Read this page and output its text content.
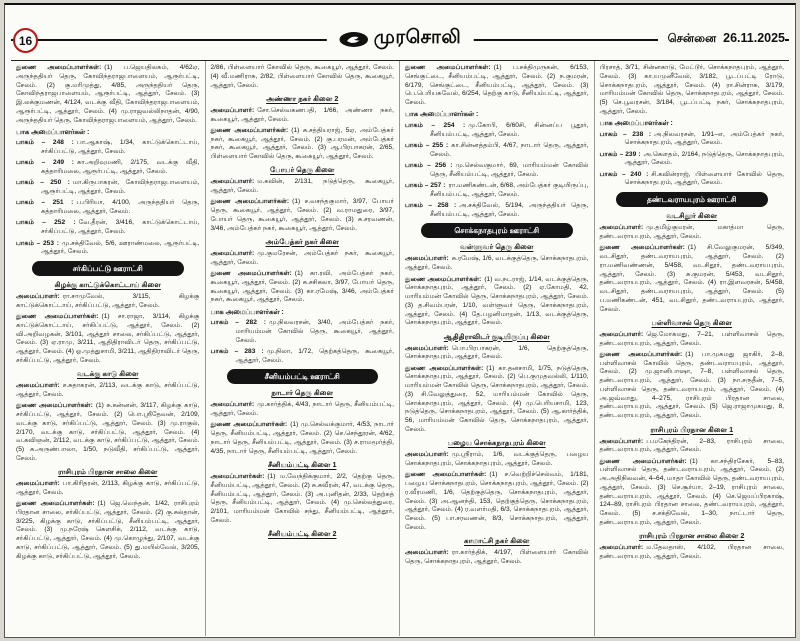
16	முரசொலி	சென்னை 26.11.2025
துணை அமைப்பாளர்கள்: (1) ப.ஜெயதிலகம், 4/62ஏ, அருந்ததியர் தெரு, கோவிந்தராஜபாளையம், ஆரூர்பட்டி, சேலம். (2) கு.மரிமுத்து, 4/85, அருந்ததியர் தெரு, கோவிந்தராஜபாளையம், ஆரூர்பட்டி, ஆத்தூர், சேலம். (3) இ.லக்குமணன், 4/124, வடக்கு வீதி, கோவிந்தராஜபாளையம், ஆரூர்பட்டி, ஆத்தூர், சேலம். (4) மு.ராஜவல்லிநாதன், 4/90, அருந்ததியர் தெரு, கோவிந்தராஜபாளையம், ஆத்தூர், சேலம்.
பாக அமைப்பாளர்கள் :
பாகம் – 248 : பா.ஆகாஷ், 1/34, காட்டுக்கொட்டாய், சர்கிப்பட்டு, ஆத்தூர், சேலம்.
பாகம் – 249 : கா.அறிவுமணி, 2/175, வடக்கு வீதி, கத்தாரிமலை, ஆரூர்பட்டி, ஆத்தூர், சேலம்.
பாகம் – 250 : மா.கிருபாகரன், கோவிந்தராஜபாளையம், ஆரூர்பட்டி, ஆத்தூர், சேலம்.
பாகம் – 251 : ப.பிரியா, 4/100, அருந்ததியர் தெரு, கத்தாரிமலை, ஆத்தூர், சேலம்.
பாகம் – 252 : வே.தீரன், 3/416, காட்டுக்கொட்டாய், சர்கிப்பட்டு, ஆத்தூர், சேலம்.
பாகம் – 253 : மு.சக்திவேல், 5/6, ஊராண்மலை, ஆரூர்பட்டி, ஆத்தூர், சேலம்.
சர்கிப்பட்டு ஊராட்சி
கிழக்கு காட்டுக்கொட்டாய் கிளை
அமைப்பாளர்: ரா.சாமுவேல், 3/115, கிழக்கு காட்டுக்கொட்டாய், சர்கிப்பட்டு, ஆத்தூர், சேலம்.
துணை அமைப்பாளர்கள்: (1) சா.ராஜா, 3/114, கிழக்கு காட்டுக்கொட்டாய், சர்கிப்பட்டு, ஆத்தூர், சேலம். (2) வி.அறிவழகன், 3/101, ஆத்தூர் சாலை, சர்கிப்பட்டு, ஆத்தூர், சேலம். (3) ஏ.ராமு, 3/211, ஆதிதிராவிடர் தெரு, சர்கிப்பட்டு, ஆத்தூர், சேலம். (4) ஓ.முத்துசாமி, 3/211, ஆதிதிராவிடர் தெரு, சர்கிப்பட்டு, ஆத்தூர், சேலம்.
வடக்கு காடு கிளை
அமைப்பாளர்: ச.சுதாகரன், 2/113, வடக்கு காடு, சர்கிப்பட்டு, ஆத்தூர், சேலம்.
துணை அமைப்பாளர்கள்: (1) சு.கன்னன், 3/117, கிழக்கு காடு, சர்கிப்பட்டு, ஆத்தூர், சேலம். (2) பொ.ஸ்ரீதேவன், 2/109, வடக்கு காடு, சர்கிப்பட்டு, ஆத்தூர், சேலம். (3) மு.ராகுல், 2/170, வடக்கு காடு, சர்கிப்பட்டு, ஆத்தூர், சேலம். (4) வ.கவிஞன், 2/112, வடக்கு காடு, சர்கிப்பட்டு, ஆத்தூர், சேலம். (5) சு.அருண்பாலா, 1/50, நடுவீதி, சர்கிப்பட்டு, ஆத்தூர், சேலம்.
ராசிபுரம் பிரதான சாலை கிளை
அமைப்பாளர்: பா.கிரிதரன், 2/113, கிழக்கு காடு, சர்கிப்பட்டு, ஆத்தூர், சேலம்.
துணை அமைப்பாளர்கள்: (1) ஜெ.வெந்தன், 1/42, ராசிபுரம் பிரதான சாலை, சர்கிப்பட்டு, ஆத்தூர், சேலம். (2) கு.சுல்தான், 3/225, கிழக்கு காடு, சர்கிப்பட்டு, சீனியம்பட்டி, ஆத்தூர், சேலம். (3) மு.நரேஷ் கௌசிக், 2/112, வடக்கு காடு, சர்கிப்பட்டு, ஆத்தூர், சேலம். (4) மு.கொழுந்து, 2/107, வடக்கு காடு, சர்கிப்பட்டு, ஆத்தூர், சேலம். (5) து.மயில்வேல், 3/205, கிழக்கு காடு, சர்கிப்பட்டு, ஆத்தூர், சேலம்.
2/86, பிள்ளையார் கோவில் தெரு, கூகையூர், ஆத்தூர், சேலம். (4) வீ.மணிராசு, 2/82, பிள்ளையார் கோவில் தெரு, கூகையூர், ஆத்தூர், சேலம்.
அண்ணா நகர் கிளை 2
அமைப்பாளர்: சோ.செல்வகணபதி, 1/66, அண்ணா நகர், கூகையூர், ஆத்தூர், சேலம்.
துணை அமைப்பாளர்கள்: (1) சு.சத்தியராஜ், 5ஏ, அம்பேத்கர் நகர், கூகையூர், ஆத்தூர், சேலம். (2) கு.பரமன், அம்பேத்கர் நகர், கூகையூர், ஆத்தூர், சேலம். (3) ஆ.பிரபாகரன், 2/65, பிள்ளையார் கோவில் தெரு, கூகையூர், ஆத்தூர், சேலம்.
போயர் தெரு கிளை
அமைப்பாளர்: ம.கவின், 2/131, நடுத்தெரு, கூகையூர், ஆத்தூர், சேலம்.
துணை அமைப்பாளர்கள்: (1) ச.வசந்தகுமார், 3/97, போயர் தெரு, கூகையூர், ஆத்தூர், சேலம். (2) வ.ராமதுரை, 3/97, போயர் தெரு, கூகையூர், ஆத்தூர், சேலம். (3) சு.சரவணன், 3/46, அம்பேத்கர் நகர், கூகையூர், ஆத்தூர், சேலம்.
அம்பேத்கர் நகர் கிளை
அமைப்பாளர்: மு.குமரேசன், அம்பேத்கர் நகர், கூகையூர், ஆத்தூர், சேலம்.
துணை அமைப்பாளர்கள்: (1) கா.ரவி, அம்பேத்கர் நகர், கூகையூர், ஆத்தூர், சேலம். (2) சு.சசிகலா, 3/97, போயர் தெரு, கூகையூர், ஆத்தூர், சேலம். (3) கா.ரமேஷ், 3/46, அம்பேத்கர் நகர், கூகையூர், ஆத்தூர், சேலம்.
பாக அமைப்பாளர்கள் :
பாகம் – 282 : மு.நிலவரசன், 3/40, அம்பேத்கர் நகர், மாரியம்மன் கோவில் தெரு, கூகையூர், ஆத்தூர், சேலம்.
பாகம் – 283 : மு.நிலா, 1/72, தெற்கத்தெரு, கூகையூர், ஆத்தூர், சேலம்.
சீனியம்பட்டி ஊராட்சி
நாடார் தெரு கிளை
அமைப்பாளர்: மு.கார்த்திக், 4/43, நாடார் தெரு, சீனியம்பட்டி, ஆத்தூர், சேலம்.
துணை அமைப்பாளர்கள்: (1) மு.செல்வக்குமார், 4/53, நாடார் தெரு, சீனியம்பட்டி, ஆத்தூர், சேலம். (2) செ.செந்தூரன், 4/62, நாடார் தெரு, சீனியம்பட்டி, ஆத்தூர், சேலம். (3) ச.ராமமூர்த்தி, 4/35, நாடார் தெரு, சீனியம்பட்டி, ஆத்தூர், சேலம்.
சீனியம்பட்டி கிளை 1
அமைப்பாளர்கள்: (1) ம.வேந்திக்குமார், 2/2, தெற்கு தெரு, சீனியம்பட்டி, ஆத்தூர், சேலம். (2) சு.கவீரன், 47, வடக்கு தெரு, சீனியம்பட்டி, ஆத்தூர், சேலம். (3) அ.புனிதன், 2/33, தெற்கத் தெரு, சீனியம்பட்டி, ஆத்தூர், சேலம். (4) மு.செல்லத்துரை, 2/101, மாரியம்மன் கோவில் சந்து, சீனியம்பட்டி, ஆத்தூர், சேலம்.
சீனியம்பட்டி கிளை 2
துணை அமைப்பாளர்கள்: (1) ப.சக்திமுருகன், 6/153, செங்குட்டை, சீனியம்பட்டி, ஆத்தூர், சேலம். (2) ந.குமரன், 6/179, செங்குட்டை, சீனியம்பட்டி, ஆத்தூர், சேலம். (3) பெ.பெரியசுவேல், 6/254, தெற்கு காடு, சீனியம்பட்டி, ஆத்தூர், சேலம்.
பாக அமைப்பாளர்கள் :
பாகம் – 254 : மு.கோபி, 6/60சி, சின்னப்ப பூதூர், சீனியம்பட்டி, ஆத்தூர், சேலம்.
பாகம் – 255 : கா.சின்னத்தம்பி, 4/67, நாடார் தெரு, ஆத்தூர், சேலம்.
பாகம் – 256 : மு.செல்வகுமார், 69, மாரியம்மன் கோவில் தெரு, சீனியம்பட்டி, ஆத்தூர், சேலம்.
பாகம் – 257 : ரா.மணிகண்டன், 6/68, அம்பேத்கர் குடியிருப்பு, சீனியம்பட்டி, ஆத்தூர், சேலம்.
பாகம் – 258 : அ.சக்திவேல், 5/194, அருந்ததியர் தெரு, சீனியம்பட்டி, ஆத்தூர், சேலம்.
சொக்கநாதபுரம் ஊராட்சி
வள்ளுவர் தெரு கிளை
அமைப்பாளர்: சு.ரமேஷ், 1/6, வடக்குத்தெரு, சொக்கநாதபுரம், ஆத்தூர், சேலம்.
துணை அமைப்பாளர்கள்: (1) வ.நடராஜ், 1/14, வடக்குத்தெரு, சொக்கநாதபுரம், ஆத்தூர், சேலம். (2) ஏ.கோமதி, 42, மாரியம்மன் கோவில் தெரு, சொக்கநாதபுரம், ஆத்தூர், சேலம். (3) த.சிவம்பரன், 1/10, வள்ளுவர் தெரு, சொக்கநாதபுரம், ஆத்தூர், சேலம். (4) தே.பழனிமாறன், 1/13, வடக்குத்தெரு, சொக்கநாதபுரம், ஆத்தூர், சேலம்.
ஆதிதிராவிடர் குடியிருப்பு கிளை
அமைப்பாளர்: பொ.பிரபாகரன், 1/6, தெற்குத்தெரு, சொக்கநாதபுரம், ஆத்தூர், சேலம்.
துணை அமைப்பாளர்கள்: (1) கா.தனசாமி, 1/75, நடுத்தெரு, சொக்கநாதபுரம், ஆத்தூர், சேலம். (2) பெ.குமுதவல்லி, 1/110, மாரியம்மன் கோவில் தெரு, சொக்கநாதபுரம், ஆத்தூர், சேலம். (3) சி.வேலுத்துரை, 52, மாரியம்மன் கோவில் தெரு, சொக்கநாதபுரம், ஆத்தூர், சேலம். (4) மு.பெரியசாமி, 123, நடுத்தெரு, சொக்கநாதபுரம், ஆத்தூர், சேலம். (5) ஆ.கார்த்திக், 56, மாரியம்மன் கோவில் தெரு, சொக்கநாதபுரம், ஆத்தூர், சேலம்.
பழைய சொக்கநாதபுரம் கிளை
அமைப்பாளர்: மு.ஸ்ரீராம், 1/6, வடக்குத்தெரு, பழைய சொக்கநாதபுரம், சொக்கநாதபுரம், ஆத்தூர், சேலம்.
துணை அமைப்பாளர்கள்: (1) ச.வெற்றிச்செல்வம், 1/181, பழைய சொக்கநாதபுரம், சொக்கநாதபுரம், ஆத்தூர், சேலம். (2) ர.வீரமணி, 1/6, தெற்குத்தெரு, சொக்கநாதபுரம், ஆத்தூர், சேலம். (3) அ.ஆனந்தி, 153, தெற்குத்தெரு, சொக்கநாதபுரம், ஆத்தூர், சேலம். (4) ர.வளர்மதி, 6/3, சொக்கநாதபுரம், ஆத்தூர், சேலம். (5) பா.சரவணன், 8/3, சொக்கநாதபுரம், ஆத்தூர், சேலம்.
காமாட்சி நகர் கிளை
அமைப்பாளர்: ரா.கார்த்திக், 4/197, பிள்ளையார் கோவில் தெரு, சொக்கநாதபுரம், ஆத்தூர், சேலம்.
பிரசாத், 3/71, சின்னகாடு, மேட்டூர், சொக்கநாதபுரம், ஆத்தூர், சேலம். (3) கா.யமுனீவேல், 3/182, பூடப்பட்டி ரோடு, சொக்கநாதபுரம், ஆத்தூர், சேலம். (4) ரா.சின்ராசு, 3/179, மாரியம்மன் கோவில் தெரு, சொக்கநாதபுரம், ஆத்தூர், சேலம். (5) செ.பூவரசன், 3/184, பூடப்பட்டி நகர், சொக்கநாதபுரம், ஆத்தூர், சேலம்.
பாக அமைப்பாளர்கள் :
பாகம் – 238 : அ.நிலவரசன், 1/91–எ, அம்பேத்கர் நகர், சொக்கநாதபுரம், ஆத்தூர், சேலம்.
பாகம் – 239 : அ.கௌதம், 2/164, நடுத்தெரு, சொக்கநாதபுரம், ஆத்தூர், சேலம்.
பாகம் – 240 : சி.கவின்ராஜ், பிள்ளையார் கோவில் தெரு, சொக்கநாதபுரம், ஆத்தூர், சேலம்.
தண்டவராயபுரம் ஊராட்சி
வடசிதூர் கிளை
அமைப்பாளர்: மு.தமிழ்குமரன், மகாத்மா தெரு, தண்டவராயபுரம், ஆத்தூர், சேலம்.
துணை அமைப்பாளர்கள்: (1) சி.வேலுகுமரன், 5/349, வடசிதூர், தண்டவராயபுரம், ஆத்தூர், சேலம். (2) ரா.மணிவண்ணன், 5/458, வடசிதூர், தண்டவராயபுரம், ஆத்தூர், சேலம். (3) சு.குமரன், 5/453, வடசிதூர், தண்டவராயபுரம், ஆத்தூர், சேலம். (4) ரா.இளவரசன், 5/458, வடசிதூர், தண்டவராயபுரம், ஆத்தூர், சேலம். (5) ப.மணிகண்டன், 451, வடசிதூர், தண்டவராயபுரம், ஆத்தூர், சேலம்.
பள்ளிவாசல் தெரு கிளை
அமைப்பாளர்: ஜெ.மோகமது, 7–21, பள்ளிவாசல் தெரு, தண்டவராயபுரம், ஆத்தூர், சேலம்.
துணை அமைப்பாளர்கள்: (1) பா.முகமது ஜாகிர், 2–8, பள்ளிவாசல் கோவில் தெரு, தண்டவராயபுரம், ஆத்தூர், சேலம். (2) மு.ஜானிபாஷா, 7–8, பள்ளிவாசல் தெரு, தண்டவராயபுரம், ஆத்தூர், சேலம். (3) நா.சருதீன், 7–5, பள்ளிவாசல் தெரு, தண்டவராயபுரம், ஆத்தூர், சேலம். (4) அ.ஜவ்வாது, 4–275, ராசிபுரம் பிரதான சாலை, தண்டவராயபுரம், ஆத்தூர், சேலம். (5) ஜெ.ராஜாமுகமது, 8, தண்டவராயபுரம், ஆத்தூர், சேலம்.
ராசிபுரம் பிரதான கிளை 1
அமைப்பாளர்: ப.மகேந்திரன், 2–83, ராசிபுரம் சாலை, தண்டவராயபுரம், ஆத்தூர், சேலம்.
துணை அமைப்பாளர்கள்: (1) கா.சந்திரசேகர், 5–83, பள்ளிவாசல் தெரு, தண்டவராயபுரம், ஆத்தூர், சேலம். (2) அ.அதிநிலவன், 4–64, மாதா கோவில் தெரு, தண்டவராயபுரம், ஆத்தூர், சேலம். (3) செ.சூர்யா, 2–19, ராசிபுரம் சாலை, தண்டவராயபுரம், ஆத்தூர், சேலம். (4) செ.ஜெயப்பிரகாஷ், 124–89, ராசிபுரம் பிரதான சாலை, தண்டவராயபுரம், ஆத்தூர், சேலம். (5) ச.சக்திவேல், 1–30, நாட்டார் தெரு, தண்டவராயபுரம், ஆத்தூர், சேலம்.
ராசிபுரம் பிரதான சாலை கிளை 2
அமைப்பாளர்: ம.தேவதாஸ், 4/102, பிரதான சாலை, தண்டவராயபுரம், ஆத்தூர், சேலம்.
